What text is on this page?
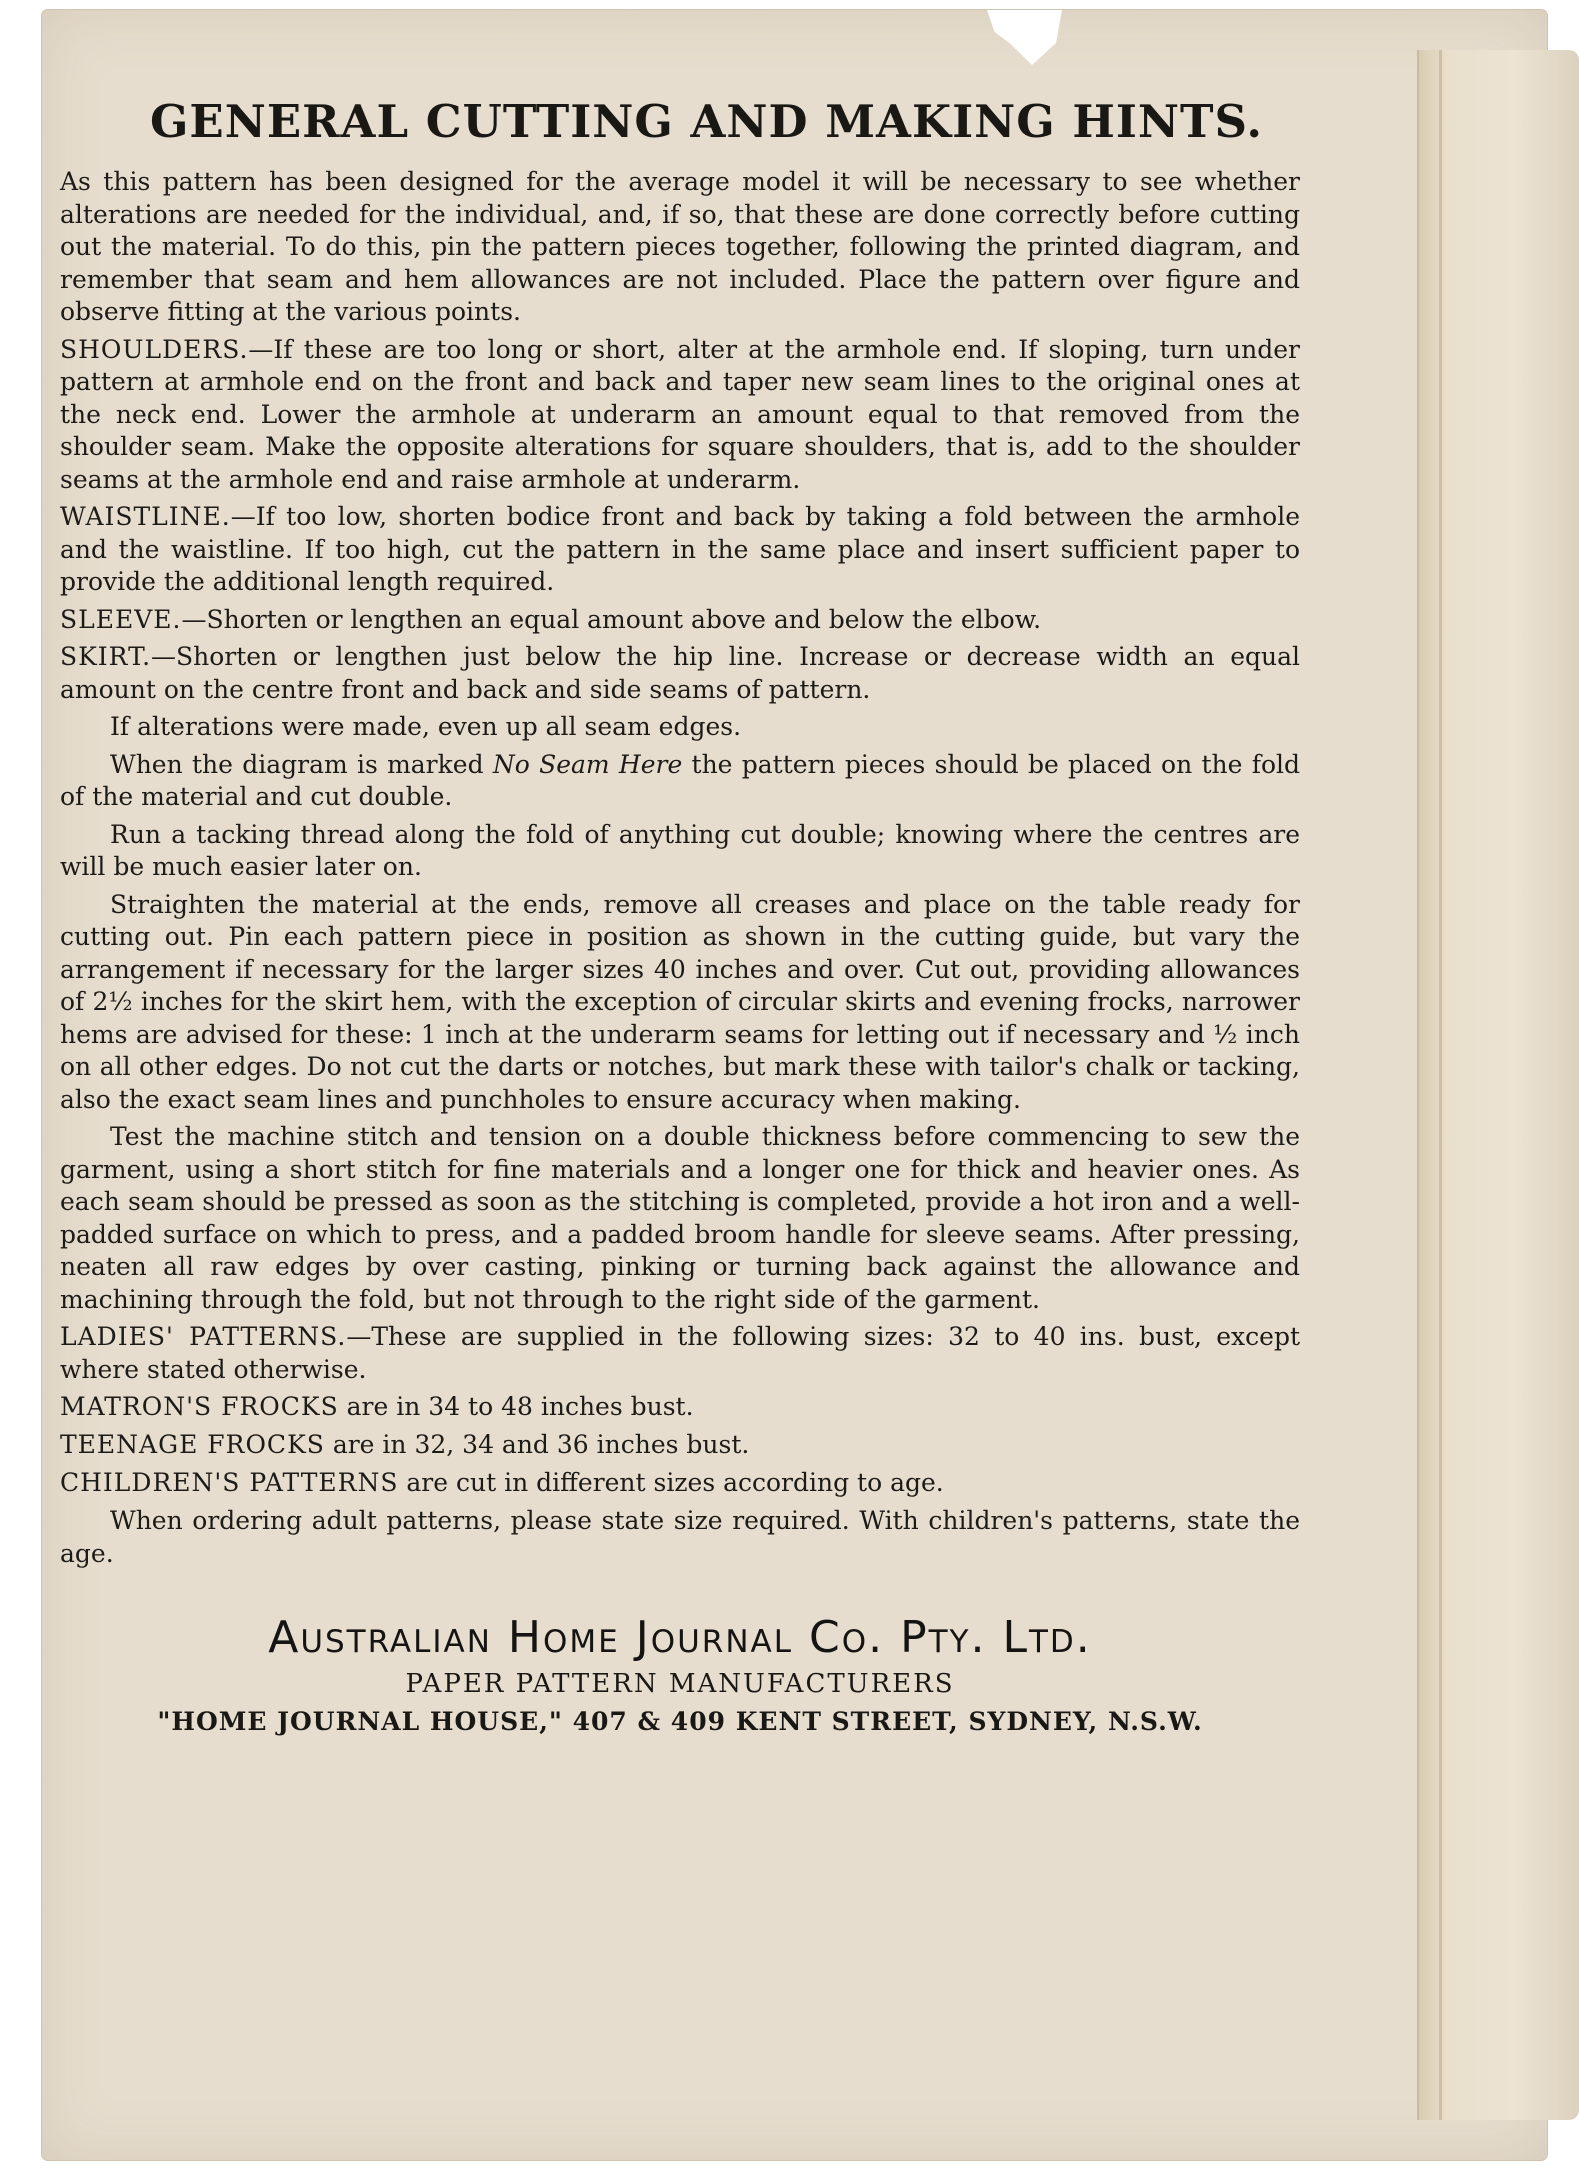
GENERAL CUTTING AND MAKING HINTS.

As this pattern has been designed for the average model it will be necessary to see whether alterations are needed for the individual, and, if so, that these are done correctly before cutting out the material. To do this, pin the pattern pieces together, following the printed diagram, and remember that seam and hem allowances are not included. Place the pattern over figure and observe fitting at the various points.

SHOULDERS.—If these are too long or short, alter at the armhole end. If sloping, turn under pattern at armhole end on the front and back and taper new seam lines to the original ones at the neck end. Lower the armhole at underarm an amount equal to that removed from the shoulder seam. Make the opposite alterations for square shoulders, that is, add to the shoulder seams at the armhole end and raise armhole at underarm.

WAISTLINE.—If too low, shorten bodice front and back by taking a fold between the armhole and the waistline. If too high, cut the pattern in the same place and insert sufficient paper to provide the additional length required.

SLEEVE.—Shorten or lengthen an equal amount above and below the elbow.

SKIRT.—Shorten or lengthen just below the hip line. Increase or decrease width an equal amount on the centre front and back and side seams of pattern.

If alterations were made, even up all seam edges.

When the diagram is marked No Seam Here the pattern pieces should be placed on the fold of the material and cut double.

Run a tacking thread along the fold of anything cut double; knowing where the centres are will be much easier later on.

Straighten the material at the ends, remove all creases and place on the table ready for cutting out. Pin each pattern piece in position as shown in the cutting guide, but vary the arrangement if necessary for the larger sizes 40 inches and over. Cut out, providing allowances of 2½ inches for the skirt hem, with the exception of circular skirts and evening frocks, narrower hems are advised for these: 1 inch at the underarm seams for letting out if necessary and ½ inch on all other edges. Do not cut the darts or notches, but mark these with tailor's chalk or tacking, also the exact seam lines and punchholes to ensure accuracy when making.

Test the machine stitch and tension on a double thickness before commencing to sew the garment, using a short stitch for fine materials and a longer one for thick and heavier ones. As each seam should be pressed as soon as the stitching is completed, provide a hot iron and a well-padded surface on which to press, and a padded broom handle for sleeve seams. After pressing, neaten all raw edges by over casting, pinking or turning back against the allowance and machining through the fold, but not through to the right side of the garment.

LADIES' PATTERNS.—These are supplied in the following sizes: 32 to 40 ins. bust, except where stated otherwise.

MATRON'S FROCKS are in 34 to 48 inches bust.

TEENAGE FROCKS are in 32, 34 and 36 inches bust.

CHILDREN'S PATTERNS are cut in different sizes according to age.

When ordering adult patterns, please state size required. With children's patterns, state the age.

Australian Home Journal Co. Pty. Ltd.

PAPER PATTERN MANUFACTURERS

"HOME JOURNAL HOUSE," 407 & 409 KENT STREET, SYDNEY, N.S.W.
